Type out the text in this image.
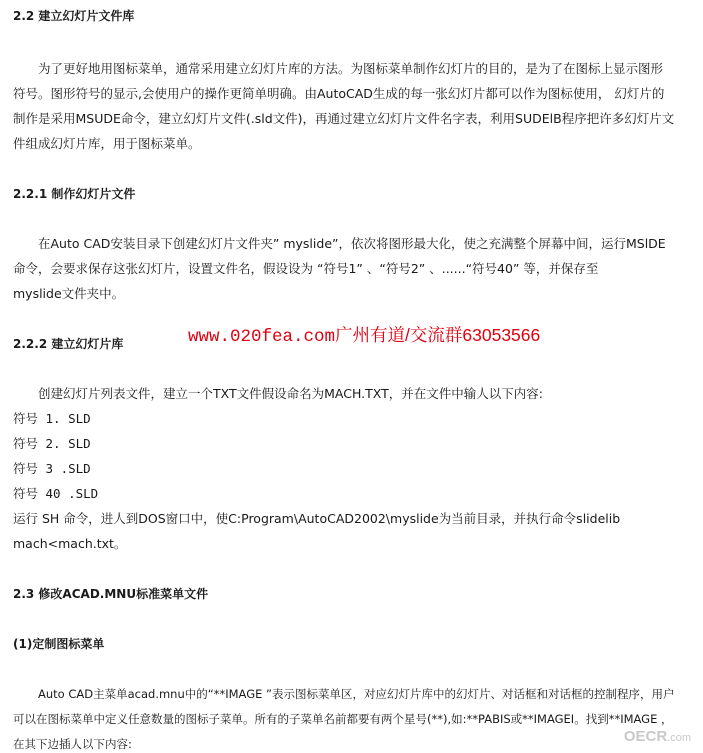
2.2 建立幻灯片文件库
为了更好地用图标菜单，通常采用建立幻灯片库的方法。为图标菜单制作幻灯片的目的，是为了在图标上显示图形
符号。图形符号的显示,会使用户的操作更简单明确。由AutoCAD生成的每一张幻灯片都可以作为图标使用， 幻灯片的
制作是采用MSUDE命令，建立幻灯片文件(.sld文件)，再通过建立幻灯片文件名字表，利用SUDElB程序把许多幻灯片文
件组成幻灯片库，用于图标菜单。
2.2.1 制作幻灯片文件
在Auto CAD安装目录下创建幻灯片文件夹” myslide”，依次将图形最大化，使之充满整个屏幕中间，运行MSlDE
命令，会要求保存这张幻灯片，设置文件名，假设设为 “符号1” 、“符号2” 、......“符号40” 等，并保存至
myslide文件夹中。
www.020fea.com广州有道/交流群63053566
2.2.2 建立幻灯片库
创建幻灯片列表文件，建立一个TXT文件假设命名为MACH.TXT，并在文件中输人以下内容:
符号 1. SLD
符号 2. SLD
符号 3 .SLD
符号 40 .SLD
运行 SH 命令，进人到DOS窗口中，使C:Program\AutoCAD2002\myslide为当前目录，并执行命令slidelib
mach<mach.txt。
2.3 修改ACAD.MNU标准菜单文件
(1)定制图标菜单
Auto CAD主菜单acad.mnu中的“**IMAGE ”表示图标菜单区，对应幻灯片库中的幻灯片、对话框和对话框的控制程序，用户
可以在图标菜单中定义任意数量的图标子菜单。所有的子菜单名前都要有两个星号(**),如:**PABIS或**IMAGEI。找到**IMAGE ，
在其下边插人以下内容:	OECR.com
